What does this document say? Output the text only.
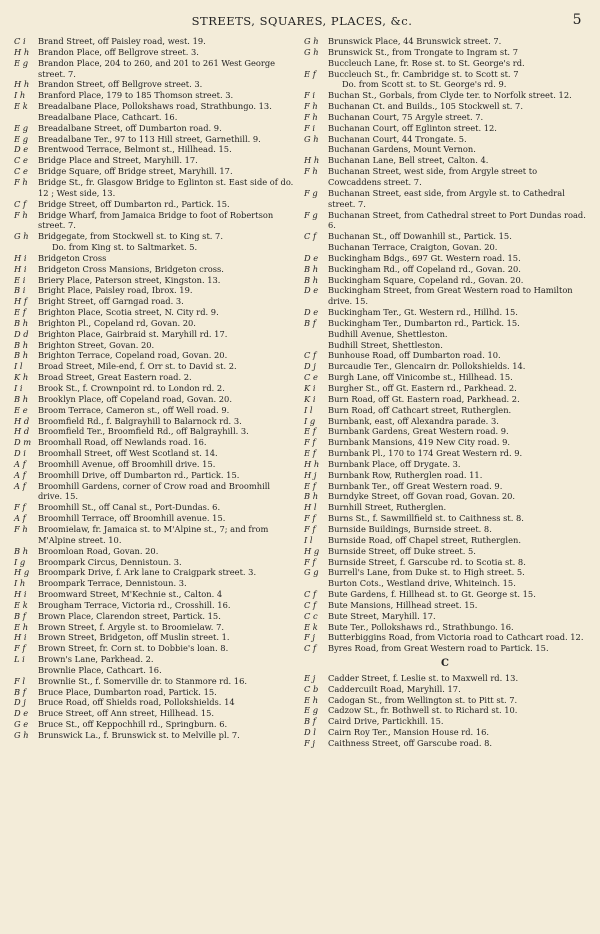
STREETS, SQUARES, PLACES, &c.	5
C i	Brand Street, off Paisley road, west. 19.
H h	Brandon Place, off Bellgrove street. 3.
E g	Brandon Place, 204 to 260, and 201 to 261 West George street. 7.
H h	Brandon Street, off Bellgrove street. 3.
I h	Branford Place, 179 to 185 Thomson street. 3.
E k	Breadalbane Place, Pollokshaws road, Strathbungo. 13.
Breadalbane Place, Cathcart. 16.
E g	Breadalbane Street, off Dumbarton road. 9.
E g	Breadalbane Ter., 97 to 113 Hill street, Garnethill. 9.
D e	Brentwood Terrace, Belmont st., Hillhead. 15.
C e	Bridge Place and Street, Maryhill. 17.
C e	Bridge Square, off Bridge street, Maryhill. 17.
F h	Bridge St., fr. Glasgow Bridge to Eglinton st. East side of do. 12 ; West side, 13.
C f	Bridge Street, off Dumbarton rd., Partick. 15.
F h	Bridge Wharf, from Jamaica Bridge to foot of Robertson street. 7.
G h	Bridgegate, from Stockwell st. to King st. 7.
Do. from King st. to Saltmarket. 5.
H i	Bridgeton Cross
H i	Bridgeton Cross Mansions, Bridgeton cross.
E i	Briery Place, Paterson street, Kingston. 13.
B i	Bright Place, Paisley road, Ibrox. 19.
H f	Bright Street, off Garngad road. 3.
E f	Brighton Place, Scotia street, N. City rd. 9.
B h	Brighton Pl., Copeland rd, Govan. 20.
D d	Brighton Place, Gairbraid st. Maryhill rd. 17.
B h	Brighton Street, Govan. 20.
B h	Brighton Terrace, Copeland road, Govan. 20.
I l	Broad Street, Mile-end, f. Orr st. to David st. 2.
K h	Broad Street, Great Eastern road. 2.
I i	Brook St., f. Crownpoint rd. to London rd. 2.
B h	Brooklyn Place, off Copeland road, Govan. 20.
E e	Broom Terrace, Cameron st., off Well road. 9.
H d	Broomfield Rd., f. Balgrayhill to Balarnock rd. 3.
H d	Broomfield Ter., Broomfield Rd., off Balgrayhill. 3.
D m Broomhall Road, off Newlands road. 16.
D i	Broomhall Street, off West Scotland st. 14.
A f	Broomhill Avenue, off Broomhill drive. 15.
A f	Broomhill Drive, off Dumbarton rd., Partick. 15.
A f	Broomhill Gardens, corner of Crow road and Broomhill drive. 15.
F f	Broomhill St., off Canal st., Port-Dundas. 6.
A f	Broomhill Terrace, off Broomhill avenue. 15.
F h	Broomielaw, fr. Jamaica st. to M'Alpine st., 7; and from M'Alpine street. 10.
B h	Broomloan Road, Govan. 20.
I g	Broompark Circus, Dennistoun. 3.
H g	Broompark Drive, f. Ark lane to Craigpark street. 3.
I h	Broompark Terrace, Dennistoun. 3.
H i	Broomward Street, M'Kechnie st., Calton. 4
E k	Brougham Terrace, Victoria rd., Crosshill. 16.
B f	Brown Place, Clarendon street, Partick. 15.
E h	Brown Street, f. Argyle st. to Broomielaw. 7.
H i	Brown Street, Bridgeton, off Muslin street. 1.
F f	Brown Street, fr. Corn st. to Dobbie's loan. 8.
L i	Brown's Lane, Parkhead. 2.
Brownlie Place, Cathcart. 16.
F l	Brownlie St., f. Somerville dr. to Stanmore rd. 16.
B f	Bruce Place, Dumbarton road, Partick. 15.
D j	Bruce Road, off Shields road, Pollokshields. 14
D e	Bruce Street, off Ann street, Hillhead. 15.
G e	Bruce St., off Keppochhill rd., Springburn. 6.
G h	Brunswick La., f. Brunswick st. to Melville pl. 7.
G h	Brunswick Place, 44 Brunswick street. 7.
G h	Brunswick St., from Trongate to Ingram st. 7
Buccleuch Lane, fr. Rose st. to St. George's rd.
E f	Buccleuch St., fr. Cambridge st. to Scott st. 7
Do. from Scott st. to St. George's rd. 9.
F i	Buchan St., Gorbals, from Clyde ter. to Norfolk street. 12.
F h	Buchanan Ct. and Builds., 105 Stockwell st. 7.
F h	Buchanan Court, 75 Argyle street. 7.
F i	Buchanan Court, off Eglinton street. 12.
G h	Buchanan Court, 44 Trongate. 5.
Buchanan Gardens, Mount Vernon.
H h	Buchanan Lane, Bell street, Calton. 4.
F h	Buchanan Street, west side, from Argyle street to Cowcaddens street. 7.
F g	Buchanan Street, east side, from Argyle st. to Cathedral street. 7.
F g	Buchanan Street, from Cathedral street to Port Dundas road. 6.
C f	Buchanan St., off Dowanhill st., Partick. 15.
Buchanan Terrace, Craigton, Govan. 20.
D e	Buckingham Bdgs., 697 Gt. Western road. 15.
B h	Buckingham Rd., off Copeland rd., Govan. 20.
B h	Buckingham Square, Copeland rd., Govan. 20.
D e	Buckingham Street, from Great Western road to Hamilton drive. 15.
D e	Buckingham Ter., Gt. Western rd., Hillhd. 15.
B f	Buckingham Ter., Dumbarton rd., Partick. 15.
Budhill Avenue, Shettleston.
Budhill Street, Shettleston.
C f	Bunhouse Road, off Dumbarton road. 10.
D j	Burcaudie Ter., Glencairn dr. Pollokshields. 14.
C e	Burgh Lane, off Vinicombe st., Hillhead. 15.
K i	Burgher St., off Gt. Eastern rd., Parkhead. 2.
K i	Burn Road, off Gt. Eastern road, Parkhead. 2.
I l	Burn Road, off Cathcart street, Rutherglen.
I g	Burnbank, east, off Alexandra parade. 3.
E f	Burnbank Gardens, Great Western road. 9.
F f	Burnbank Mansions, 419 New City road. 9.
E f	Burnbank Pl., 170 to 174 Great Western rd. 9.
H h	Burnbank Place, off Drygate. 3.
H j	Burnbank Row, Rutherglen road. 11.
E f	Burnbank Ter., off Great Western road. 9.
B h	Burndyke Street, off Govan road, Govan. 20.
H l	Burnhill Street, Rutherglen.
F f	Burns St., f. Sawmillfield st. to Caithness st. 8.
F f	Burnside Buildings, Burnside street. 8.
I l	Burnside Road, off Chapel street, Rutherglen.
H g	Burnside Street, off Duke street. 5.
F f	Burnside Street, f. Garscube rd. to Scotia st. 8.
G g	Burrell's Lane, from Duke st. to High street. 5.
Burton Cots., Westland drive, Whiteinch. 15.
C f	Bute Gardens, f. Hillhead st. to Gt. George st. 15.
C f	Bute Mansions, Hillhead street. 15.
C c	Bute Street, Maryhill. 17.
E k	Bute Ter., Pollokshaws rd., Strathbungo. 16.
F j	Butterbiggins Road, from Victoria road to Cathcart road. 12.
C f	Byres Road, from Great Western road to Partick. 15.
C
E j	Cadder Street, f. Leslie st. to Maxwell rd. 13.
C b	Caddercuilt Road, Maryhill. 17.
E h	Cadogan St., from Wellington st. to Pitt st. 7.
E g	Cadzow St., fr. Bothwell st. to Richard st. 10.
B f	Caird Drive, Partickhill. 15.
D l	Cairn Roy Ter., Mansion House rd. 16.
F j	Caithness Street, off Garscube road. 8.
